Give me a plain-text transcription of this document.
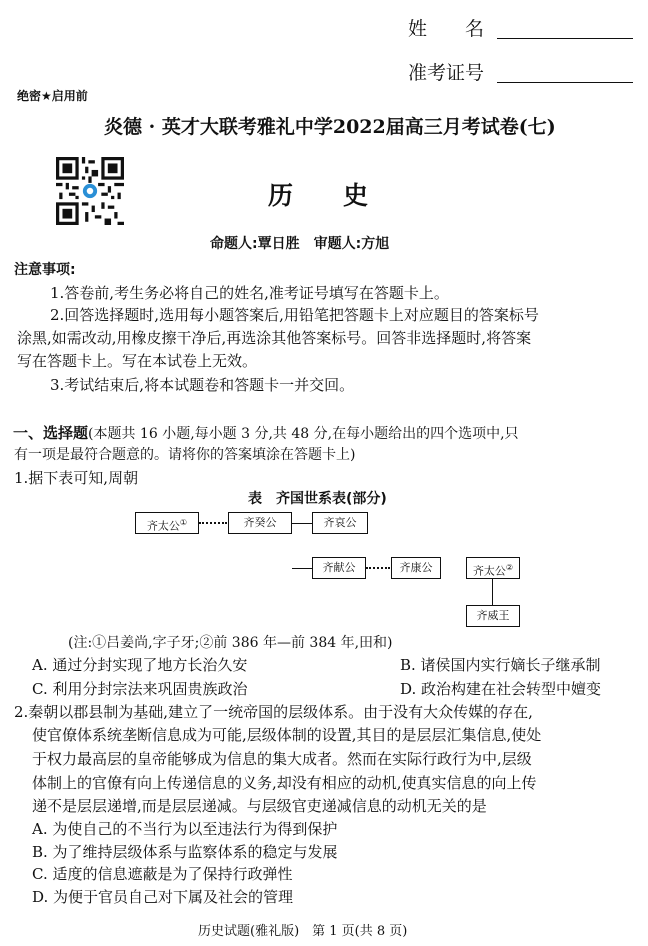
姓　　名
准考证号
绝密★启用前
炎德 · 英才大联考雅礼中学2022届高三月考试卷(七)
历　　史
命题人:覃日胜　审题人:方旭
注意事项:
1.答卷前,考生务必将自己的姓名,准考证号填写在答题卡上。
2.回答选择题时,选用每小题答案后,用铅笔把答题卡上对应题目的答案标号
涂黑,如需改动,用橡皮擦干净后,再选涂其他答案标号。回答非选择题时,将答案
写在答题卡上。写在本试卷上无效。
3.考试结束后,将本试题卷和答题卡一并交回。
一、选择题(本题共 16 小题,每小题 3 分,共 48 分,在每小题给出的四个选项中,只
有一项是最符合题意的。请将你的答案填涂在答题卡上)
1.据下表可知,周朝
表　齐国世系表(部分)
齐太公①	齐癸公	齐哀公
齐献公	齐康公	齐太公②
齐威王
(注:①吕姜尚,字子牙;②前 386 年—前 384 年,田和)
A. 通过分封实现了地方长治久安	B. 诸侯国内实行嫡长子继承制
C. 利用分封宗法来巩固贵族政治	D. 政治构建在社会转型中嬗变
2.秦朝以郡县制为基础,建立了一统帝国的层级体系。由于没有大众传媒的存在,
使官僚体系统垄断信息成为可能,层级体制的设置,其目的是层层汇集信息,使处
于权力最高层的皇帝能够成为信息的集大成者。然而在实际行政行为中,层级
体制上的官僚有向上传递信息的义务,却没有相应的动机,使真实信息的向上传
递不是层层递增,而是层层递减。与层级官吏递减信息的动机无关的是
A. 为使自己的不当行为以至违法行为得到保护
B. 为了维持层级体系与监察体系的稳定与发展
C. 适度的信息遮蔽是为了保持行政弹性
D. 为便于官员自己对下属及社会的管理
历史试题(雅礼版)　第 1 页(共 8 页)
